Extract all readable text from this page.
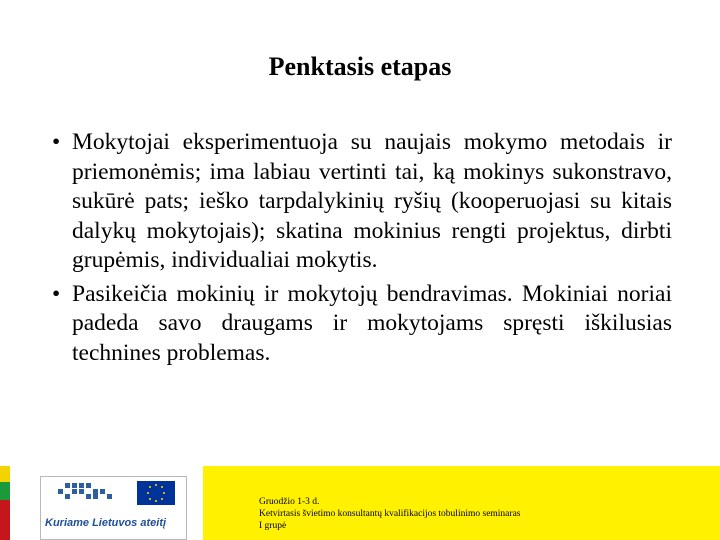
Penktasis etapas
• Mokytojai eksperimentuoja su naujais mokymo metodais ir priemonėmis; ima labiau vertinti tai, ką mokinys sukonstravo, sukūrė pats; ieško tarpdalykinių ryšių (kooperuojasi su kitais dalykų mokytojais); skatina mokinius rengti projektus, dirbti grupėmis, individualiai mokytis.
• Pasikeičia mokinių ir mokytojų bendravimas. Mokiniai noriai padeda savo draugams ir mokytojams spręsti iškilusias technines problemas.
Kuriame Lietuvos ateitį
Gruodžio 1-3 d.
Ketvirtasis švietimo konsultantų kvalifikacijos tobulinimo seminaras
I grupė
